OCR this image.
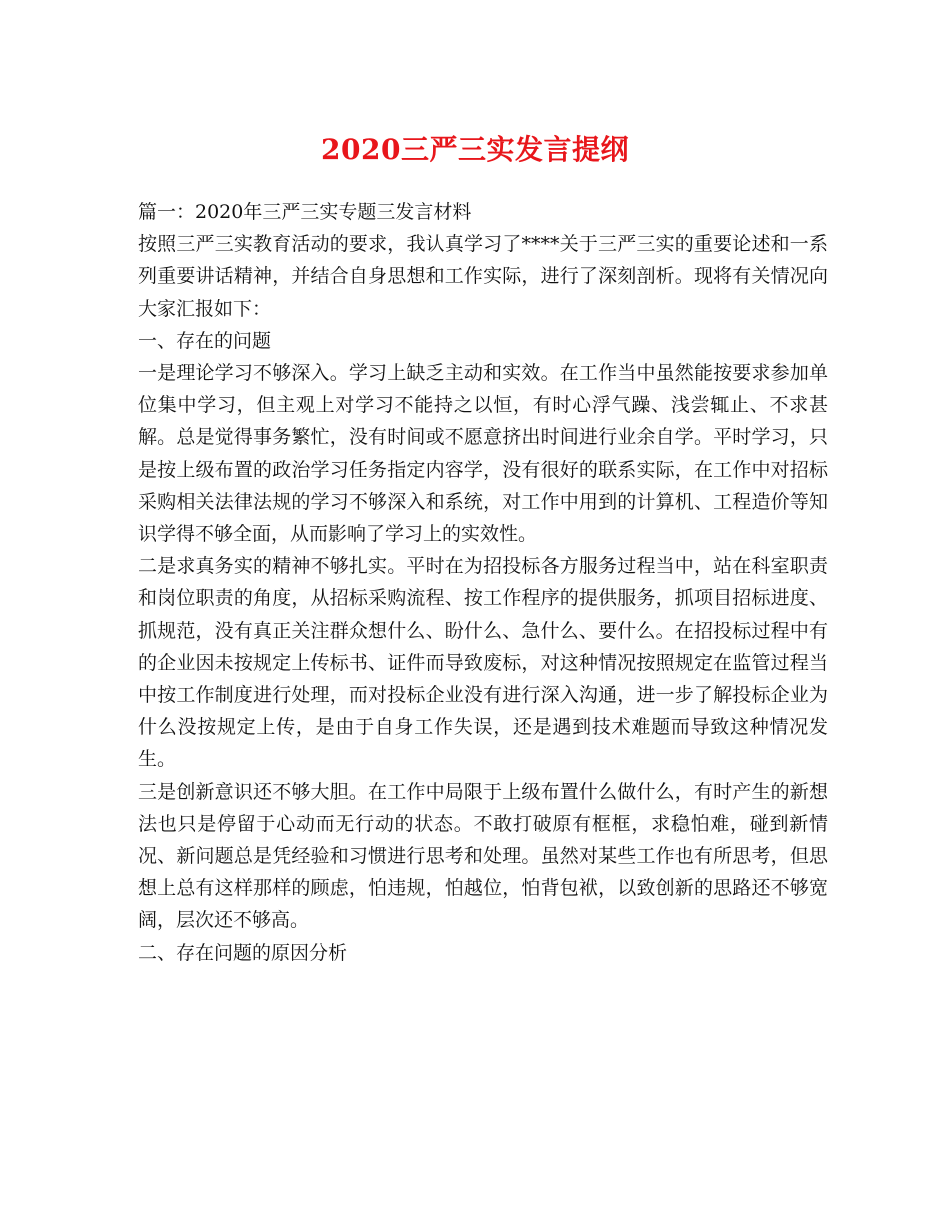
2020三严三实发言提纲

篇一：2020年三严三实专题三发言材料

按照三严三实教育活动的要求，我认真学习了****关于三严三实的重要论述和一系列重要讲话精神，并结合自身思想和工作实际，进行了深刻剖析。现将有关情况向大家汇报如下：

一、存在的问题

一是理论学习不够深入。学习上缺乏主动和实效。在工作当中虽然能按要求参加单位集中学习，但主观上对学习不能持之以恒，有时心浮气躁、浅尝辄止、不求甚解。总是觉得事务繁忙，没有时间或不愿意挤出时间进行业余自学。平时学习，只是按上级布置的政治学习任务指定内容学，没有很好的联系实际，在工作中对招标采购相关法律法规的学习不够深入和系统，对工作中用到的计算机、工程造价等知识学得不够全面，从而影响了学习上的实效性。

二是求真务实的精神不够扎实。平时在为招投标各方服务过程当中，站在科室职责和岗位职责的角度，从招标采购流程、按工作程序的提供服务，抓项目招标进度、抓规范，没有真正关注群众想什么、盼什么、急什么、要什么。在招投标过程中有的企业因未按规定上传标书、证件而导致废标，对这种情况按照规定在监管过程当中按工作制度进行处理，而对投标企业没有进行深入沟通，进一步了解投标企业为什么没按规定上传，是由于自身工作失误，还是遇到技术难题而导致这种情况发生。

三是创新意识还不够大胆。在工作中局限于上级布置什么做什么，有时产生的新想法也只是停留于心动而无行动的状态。不敢打破原有框框，求稳怕难，碰到新情况、新问题总是凭经验和习惯进行思考和处理。虽然对某些工作也有所思考，但思想上总有这样那样的顾虑，怕违规，怕越位，怕背包袱，以致创新的思路还不够宽阔，层次还不够高。

二、存在问题的原因分析
